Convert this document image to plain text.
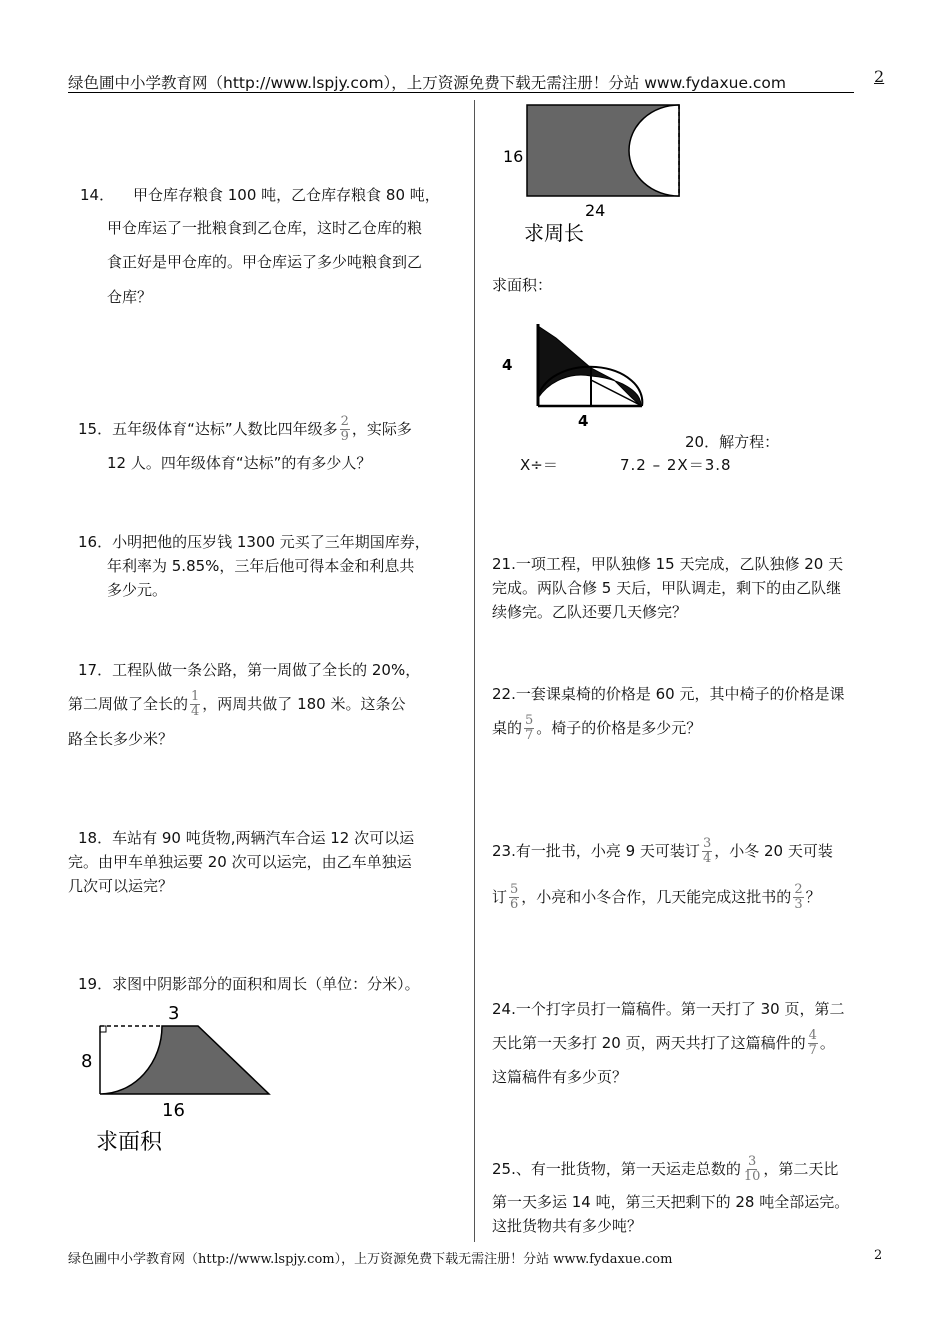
绿色圃中小学教育网（http://www.lspjy.com），上万资源免费下载无需注册！分站 www.fydaxue.com	2
14． 甲仓库存粮食 100 吨，乙仓库存粮食 80 吨，
甲仓库运了一批粮食到乙仓库，这时乙仓库的粮
食正好是甲仓库的。甲仓库运了多少吨粮食到乙
仓库？
15．五年级体育“达标”人数比四年级多 $\frac{2}{9}$ ，实际多
12 人。四年级体育“达标”的有多少人？
16．小明把他的压岁钱 1300 元买了三年期国库券，
年利率为 5.85%，三年后他可得本金和利息共
多少元。
17．工程队做一条公路，第一周做了全长的 20%，
第二周做了全长的 $\frac{1}{4}$ ，两周共做了 180 米。这条公
路全长多少米？
18．车站有 90 吨货物,两辆汽车合运 12 次可以运
完。由甲车单独运要 20 次可以运完，由乙车单独运
几次可以运完？
19．求图中阴影部分的面积和周长（单位：分米）。
3
8
16
求面积
16
24
求周长
求面积：
4
4
20．解方程：
X÷＝	7.2 – 2X＝3.8
21.一项工程，甲队独修 15 天完成，乙队独修 20 天
完成。两队合修 5 天后，甲队调走，剩下的由乙队继
续修完。乙队还要几天修完？
22.一套课桌椅的价格是 60 元，其中椅子的价格是课
桌的 $\frac{5}{7}$ 。椅子的价格是多少元？
23.有一批书，小亮 9 天可装订 $\frac{3}{4}$ ，小冬 20 天可装
订 $\frac{5}{6}$ ，小亮和小冬合作，几天能完成这批书的 $\frac{2}{3}$ ？
24.一个打字员打一篇稿件。第一天打了 30 页，第二
天比第一天多打 20 页，两天共打了这篇稿件的 $\frac{4}{7}$ 。
这篇稿件有多少页？
25.、有一批货物，第一天运走总数的 $\frac{3}{10}$ ，第二天比
第一天多运 14 吨，第三天把剩下的 28 吨全部运完。
这批货物共有多少吨？
绿色圃中小学教育网（http://www.lspjy.com），上万资源免费下载无需注册！分站 www.fydaxue.com	2
